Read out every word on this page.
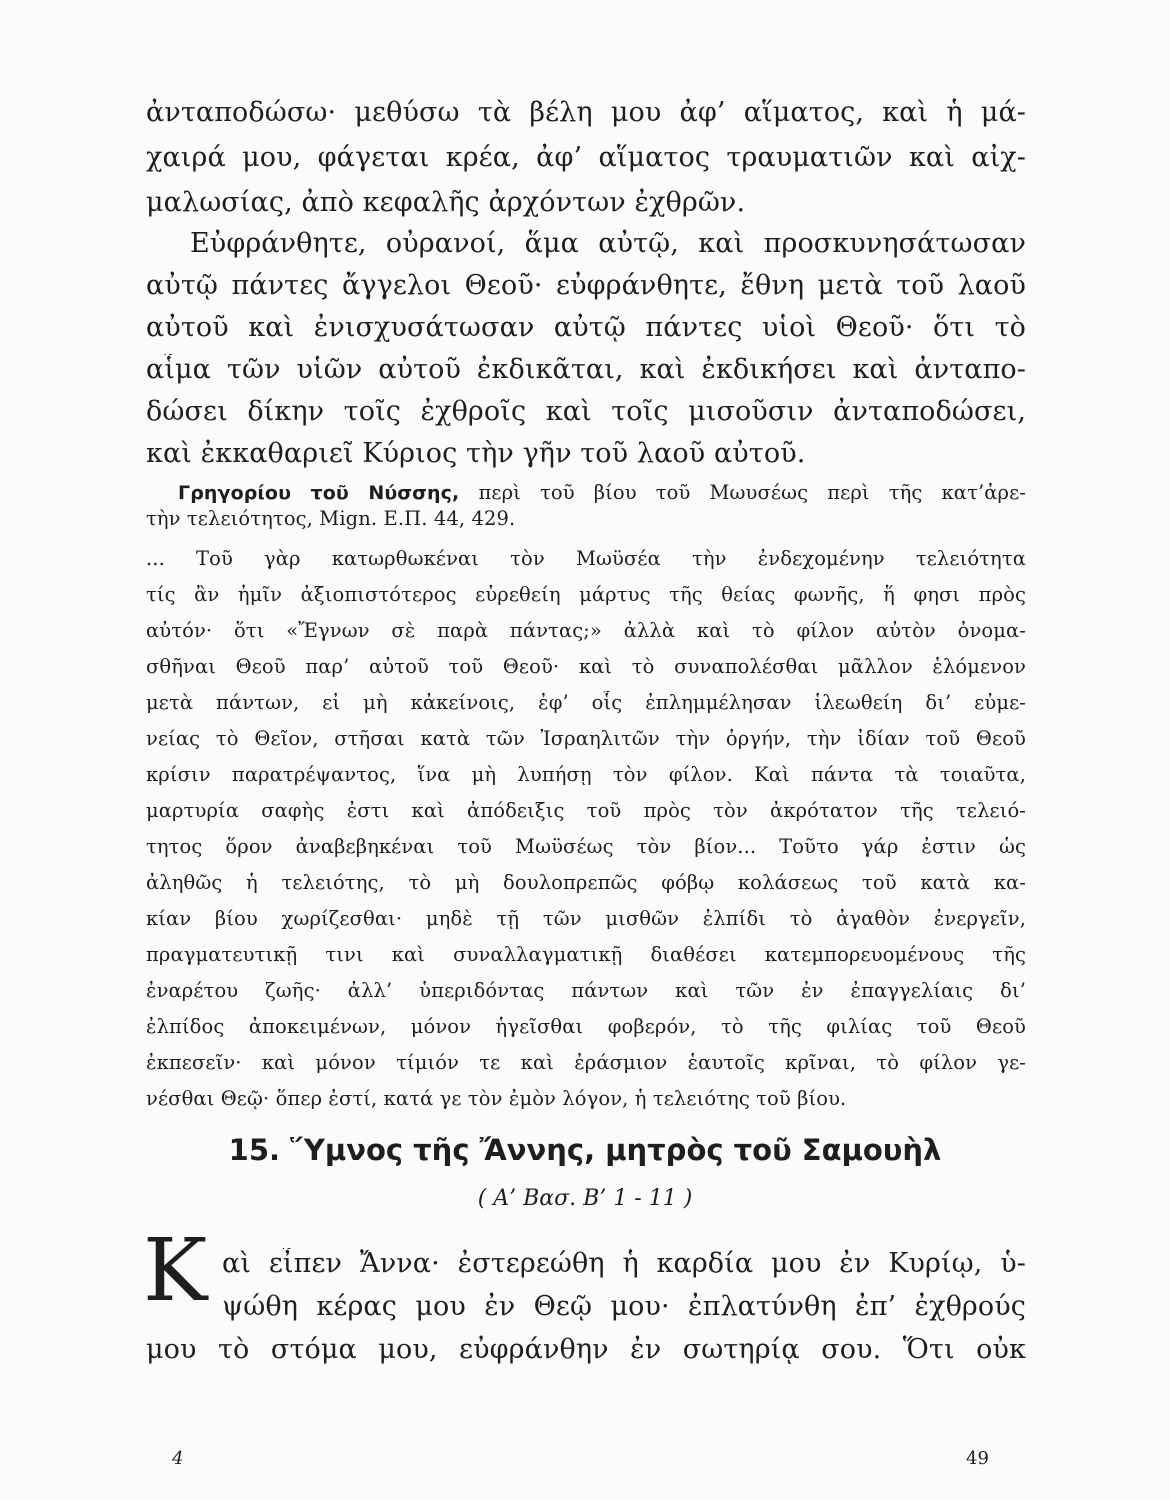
ἀνταποδώσω· μεθύσω τὰ βέλη μου ἀφ’ αἵματος, καὶ ἡ μά-
χαιρά μου, φάγεται κρέα, ἀφ’ αἵματος τραυματιῶν καὶ αἰχ-
μαλωσίας, ἀπὸ κεφαλῆς ἀρχόντων ἐχθρῶν.
Εὐφράνθητε, οὐρανοί, ἅμα αὐτῷ, καὶ προσκυνησάτωσαν
αὐτῷ πάντες ἄγγελοι Θεοῦ· εὐφράνθητε, ἔθνη μετὰ τοῦ λαοῦ
αὐτοῦ καὶ ἐνισχυσάτωσαν αὐτῷ πάντες υἱοὶ Θεοῦ· ὅτι τὸ
αἷμα τῶν υἱῶν αὐτοῦ ἐκδικᾶται, καὶ ἐκδικήσει καὶ ἀνταπο-
δώσει δίκην τοῖς ἐχθροῖς καὶ τοῖς μισοῦσιν ἀνταποδώσει,
καὶ ἐκκαθαριεῖ Κύριος τὴν γῆν τοῦ λαοῦ αὐτοῦ.
Γρηγορίου τοῦ Νύσσης, περὶ τοῦ βίου τοῦ Μωυσέως περὶ τῆς κατ’ἀρε-
τὴν τελειότητος, Mign. Ε.Π. 44, 429.
... Τοῦ γὰρ κατωρθωκέναι τὸν Μωϋσέα τὴν ἐνδεχομένην τελειότητα
τίς ἂν ἡμῖν ἀξιοπιστότερος εὑρεθείη μάρτυς τῆς θείας φωνῆς, ἥ φησι πρὸς
αὐτόν· ὅτι «Ἔγνων σὲ παρὰ πάντας;» ἀλλὰ καὶ τὸ φίλον αὐτὸν ὀνομα-
σθῆναι Θεοῦ παρ’ αὐτοῦ τοῦ Θεοῦ· καὶ τὸ συναπολέσθαι μᾶλλον ἑλόμενον
μετὰ πάντων, εἰ μὴ κἀκείνοις, ἐφ’ οἷς ἐπλημμέλησαν ἱλεωθείη δι’ εὐμε-
νείας τὸ Θεῖον, στῆσαι κατὰ τῶν Ἰσραηλιτῶν τὴν ὀργήν, τὴν ἰδίαν τοῦ Θεοῦ
κρίσιν παρατρέψαντος, ἵνα μὴ λυπήσῃ τὸν φίλον. Καὶ πάντα τὰ τοιαῦτα,
μαρτυρία σαφὴς ἐστι καὶ ἀπόδειξις τοῦ πρὸς τὸν ἀκρότατον τῆς τελειό-
τητος ὅρον ἀναβεβηκέναι τοῦ Μωϋσέως τὸν βίον... Τοῦτο γάρ ἐστιν ὡς
ἀληθῶς ἡ τελειότης, τὸ μὴ δουλοπρεπῶς φόβῳ κολάσεως τοῦ κατὰ κα-
κίαν βίου χωρίζεσθαι· μηδὲ τῇ τῶν μισθῶν ἐλπίδι τὸ ἀγαθὸν ἐνεργεῖν,
πραγματευτικῇ τινι καὶ συναλλαγματικῇ διαθέσει κατεμπορευομένους τῆς
ἐναρέτου ζωῆς· ἀλλ’ ὑπεριδόντας πάντων καὶ τῶν ἐν ἐπαγγελίαις δι’
ἐλπίδος ἀποκειμένων, μόνον ἡγεῖσθαι φοβερόν, τὸ τῆς φιλίας τοῦ Θεοῦ
ἐκπεσεῖν· καὶ μόνον τίμιόν τε καὶ ἐράσμιον ἑαυτοῖς κρῖναι, τὸ φίλον γε-
νέσθαι Θεῷ· ὅπερ ἐστί, κατά γε τὸν ἐμὸν λόγον, ἡ τελειότης τοῦ βίου.
15. Ὕμνος τῆς Ἄννης, μητρὸς τοῦ Σαμουὴλ
( Α’ Βασ. Β’ 1 - 11 )
Κ αὶ εἶπεν Ἄννα· ἐστερεώθη ἡ καρδία μου ἐν Κυρίῳ, ὑ-
ψώθη κέρας μου ἐν Θεῷ μου· ἐπλατύνθη ἐπ’ ἐχθρούς
μου τὸ στόμα μου, εὐφράνθην ἐν σωτηρίᾳ σου. Ὅτι οὐκ
4	49
